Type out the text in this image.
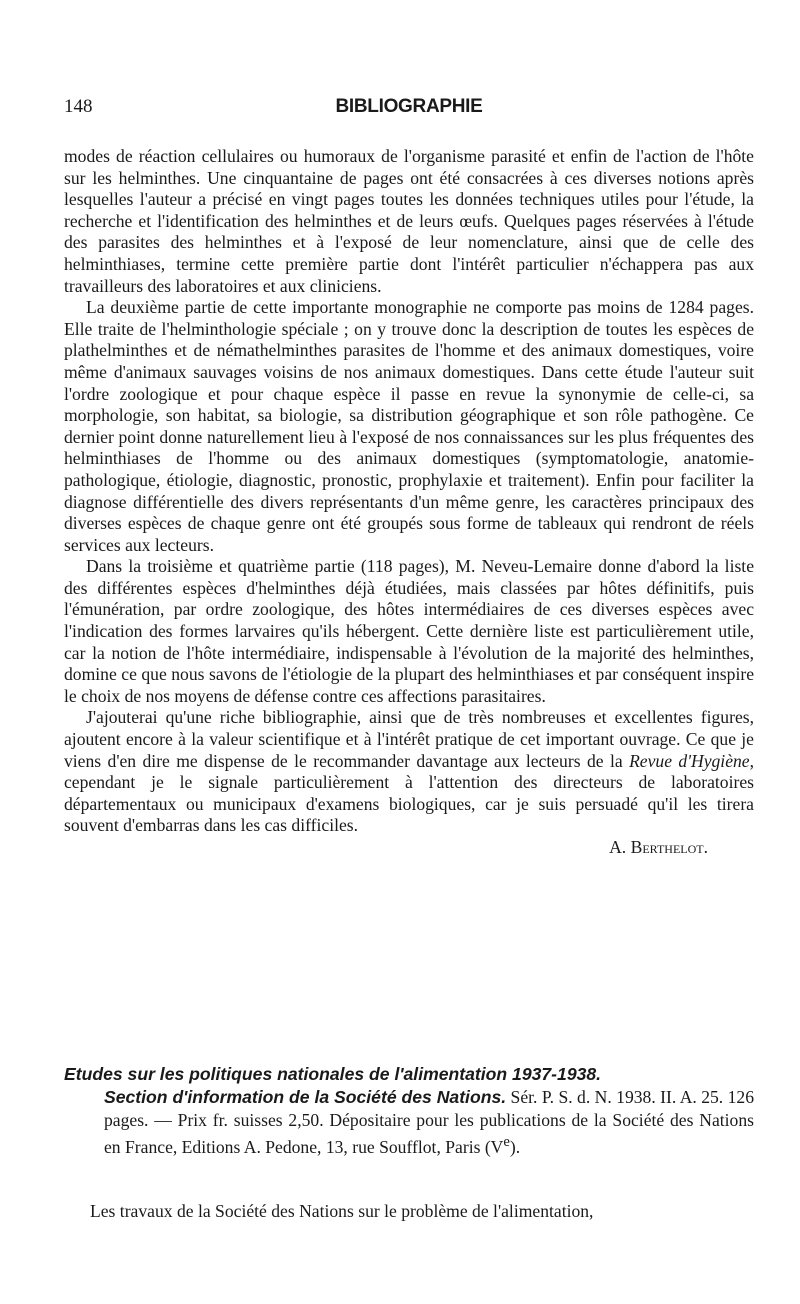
148	BIBLIOGRAPHIE

modes de réaction cellulaires ou humoraux de l'organisme parasité et enfin de l'action de l'hôte sur les helminthes. Une cinquantaine de pages ont été consacrées à ces diverses notions après lesquelles l'auteur a précisé en vingt pages toutes les données techniques utiles pour l'étude, la recherche et l'identification des helminthes et de leurs œufs. Quelques pages réservées à l'étude des parasites des helminthes et à l'exposé de leur nomenclature, ainsi que de celle des helminthiases, termine cette première partie dont l'intérêt particulier n'échappera pas aux travailleurs des laboratoires et aux cliniciens.

La deuxième partie de cette importante monographie ne comporte pas moins de 1284 pages. Elle traite de l'helminthologie spéciale ; on y trouve donc la description de toutes les espèces de plathelminthes et de némathelminthes parasites de l'homme et des animaux domestiques, voire même d'animaux sauvages voisins de nos animaux domestiques. Dans cette étude l'auteur suit l'ordre zoologique et pour chaque espèce il passe en revue la synonymie de celle-ci, sa morphologie, son habitat, sa biologie, sa distribution géographique et son rôle pathogène. Ce dernier point donne naturellement lieu à l'exposé de nos connaissances sur les plus fréquentes des helminthiases de l'homme ou des animaux domestiques (symptomatologie, anatomie-pathologique, étiologie, diagnostic, pronostic, prophylaxie et traitement). Enfin pour faciliter la diagnose différentielle des divers représentants d'un même genre, les caractères principaux des diverses espèces de chaque genre ont été groupés sous forme de tableaux qui rendront de réels services aux lecteurs.

Dans la troisième et quatrième partie (118 pages), M. Neveu-Lemaire donne d'abord la liste des différentes espèces d'helminthes déjà étudiées, mais classées par hôtes définitifs, puis l'émunération, par ordre zoologique, des hôtes intermédiaires de ces diverses espèces avec l'indication des formes larvaires qu'ils hébergent. Cette dernière liste est particulièrement utile, car la notion de l'hôte intermédiaire, indispensable à l'évolution de la majorité des helminthes, domine ce que nous savons de l'étiologie de la plupart des helminthiases et par conséquent inspire le choix de nos moyens de défense contre ces affections parasitaires.

J'ajouterai qu'une riche bibliographie, ainsi que de très nombreuses et excellentes figures, ajoutent encore à la valeur scientifique et à l'intérêt pratique de cet important ouvrage. Ce que je viens d'en dire me dispense de le recommander davantage aux lecteurs de la Revue d'Hygiène, cependant je le signale particulièrement à l'attention des directeurs de laboratoires départementaux ou municipaux d'examens biologiques, car je suis persuadé qu'il les tirera souvent d'embarras dans les cas difficiles.

A. Berthelot.

Etudes sur les politiques nationales de l'alimentation 1937-1938.

Section d'information de la Société des Nations. Sér. P. S. d. N. 1938. II. A. 25. 126 pages. — Prix fr. suisses 2,50. Dépositaire pour les publications de la Société des Nations en France, Editions A. Pedone, 13, rue Soufflot, Paris (Ve).

Les travaux de la Société des Nations sur le problème de l'alimentation,
